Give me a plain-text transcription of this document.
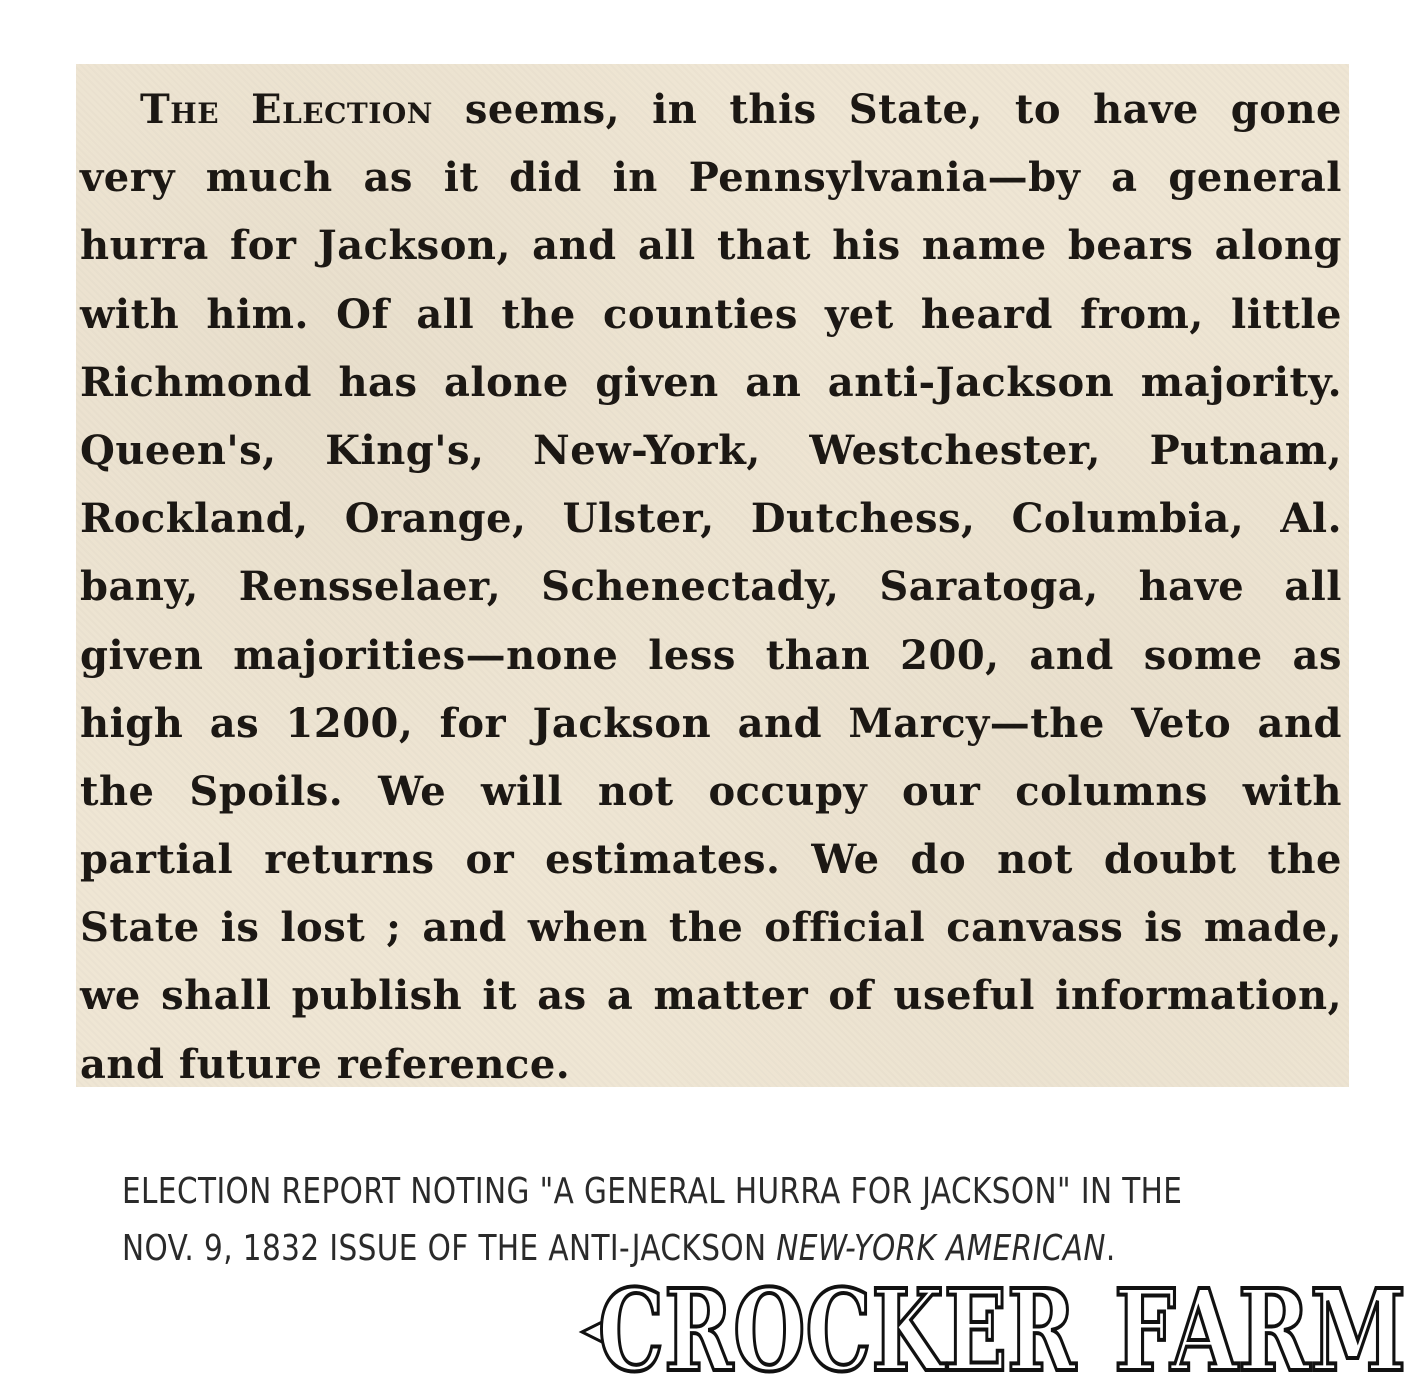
The Election seems, in this State, to have gone
very much as it did in Pennsylvania—by a general
hurra for Jackson, and all that his name bears along
with him. Of all the counties yet heard from, little
Richmond has alone given an anti-Jackson majority.
Queen's, King's, New-York, Westchester, Putnam,
Rockland, Orange, Ulster, Dutchess, Columbia, Al.
bany, Rensselaer, Schenectady, Saratoga, have all
given majorities—none less than 200, and some as
high as 1200, for Jackson and Marcy—the Veto and
the Spoils. We will not occupy our columns with
partial returns or estimates. We do not doubt the
State is lost ; and when the official canvass is made,
we shall publish it as a matter of useful information,
and future reference.
ELECTION REPORT NOTING "A GENERAL HURRA FOR JACKSON" IN THE
NOV. 9, 1832 ISSUE OF THE ANTI-JACKSON NEW-YORK AMERICAN.
CROCKER FARM
